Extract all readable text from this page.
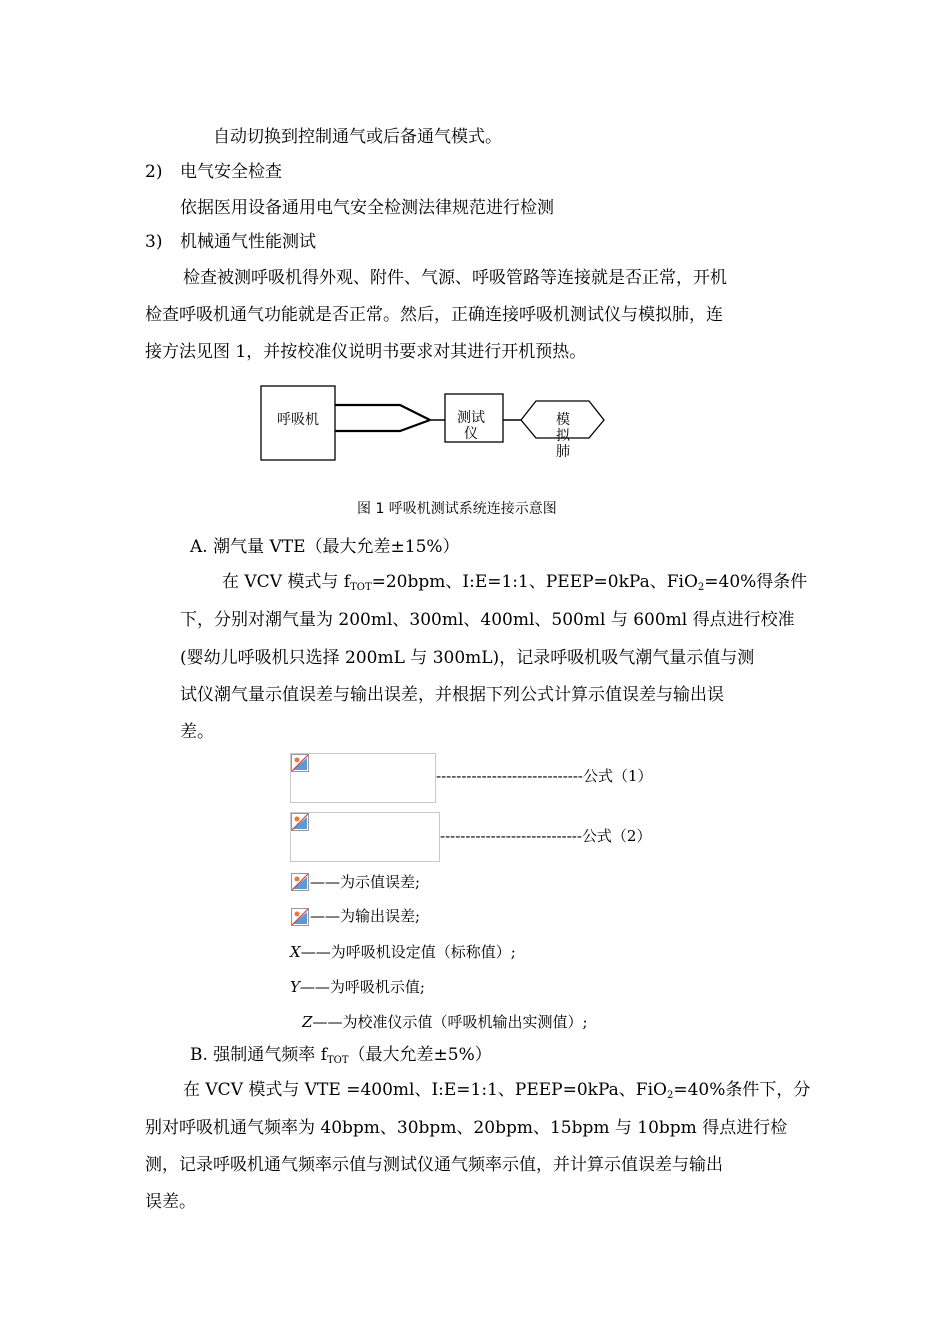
自动切换到控制通气或后备通气模式。
2) 电气安全检查
依据医用设备通用电气安全检测法律规范进行检测
3) 机械通气性能测试
检查被测呼吸机得外观、附件、气源、呼吸管路等连接就是否正常，开机
检查呼吸机通气功能就是否正常。然后，正确连接呼吸机测试仪与模拟肺，连
接方法见图 1，并按校准仪说明书要求对其进行开机预热。
呼吸机	测试
仪
模
拟
肺
图 1 呼吸机测试系统连接示意图
A. 潮气量 VTE（最大允差±15%）
在 VCV 模式与 $f_{TOT}=20bpm$、I:E=1:1、PEEP=0kPa、FiO$_2$=40%得条件
下，分别对潮气量为 200ml、300ml、400ml、500ml 与 600ml 得点进行校准
(婴幼儿呼吸机只选择 200mL 与 300mL)，记录呼吸机吸气潮气量示值与测
试仪潮气量示值误差与输出误差，并根据下列公式计算示值误差与输出误
差。
-----------------------------公式（1）
----------------------------公式（2）
——为示值误差;
——为输出误差;
X——为呼吸机设定值（标称值）;
Y——为呼吸机示值;
Z——为校准仪示值（呼吸机输出实测值）;
B. 强制通气频率 $f_{TOT}$（最大允差±5%）
在 VCV 模式与 VTE =400ml、I:E=1:1、PEEP=0kPa、FiO$_2$=40%条件下，分
别对呼吸机通气频率为 40bpm、30bpm、20bpm、15bpm 与 10bpm 得点进行检
测，记录呼吸机通气频率示值与测试仪通气频率示值，并计算示值误差与输出
误差。
